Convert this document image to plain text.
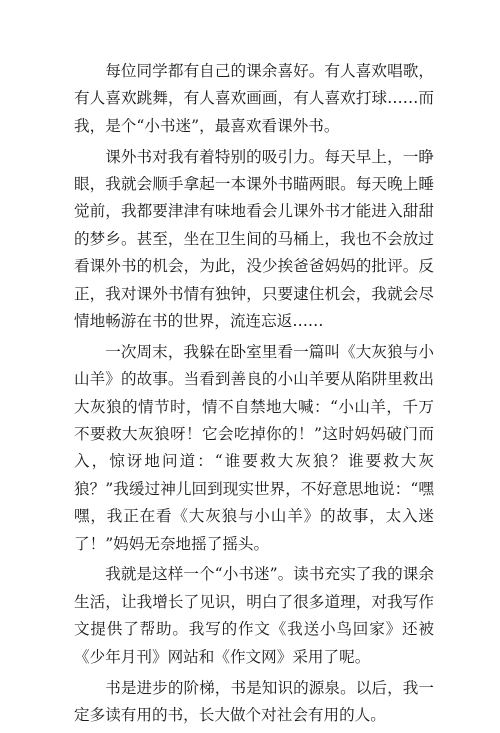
每位同学都有自己的课余喜好。有人喜欢唱歌，有人喜欢跳舞，有人喜欢画画，有人喜欢打球……而我，是个“小书迷”，最喜欢看课外书。

课外书对我有着特别的吸引力。每天早上，一睁眼，我就会顺手拿起一本课外书瞄两眼。每天晚上睡觉前，我都要津津有味地看会儿课外书才能进入甜甜的梦乡。甚至，坐在卫生间的马桶上，我也不会放过看课外书的机会，为此，没少挨爸爸妈妈的批评。反正，我对课外书情有独钟，只要逮住机会，我就会尽情地畅游在书的世界，流连忘返……

一次周末，我躲在卧室里看一篇叫《大灰狼与小山羊》的故事。当看到善良的小山羊要从陷阱里救出大灰狼的情节时，情不自禁地大喊：“小山羊，千万不要救大灰狼呀！它会吃掉你的！”这时妈妈破门而入，惊讶地问道：“谁要救大灰狼？谁要救大灰狼？”我缓过神儿回到现实世界，不好意思地说：“嘿嘿，我正在看《大灰狼与小山羊》的故事，太入迷了！”妈妈无奈地摇了摇头。

我就是这样一个“小书迷”。读书充实了我的课余生活，让我增长了见识，明白了很多道理，对我写作文提供了帮助。我写的作文《我送小鸟回家》还被《少年月刊》网站和《作文网》采用了呢。

书是进步的阶梯，书是知识的源泉。以后，我一定多读有用的书，长大做个对社会有用的人。
